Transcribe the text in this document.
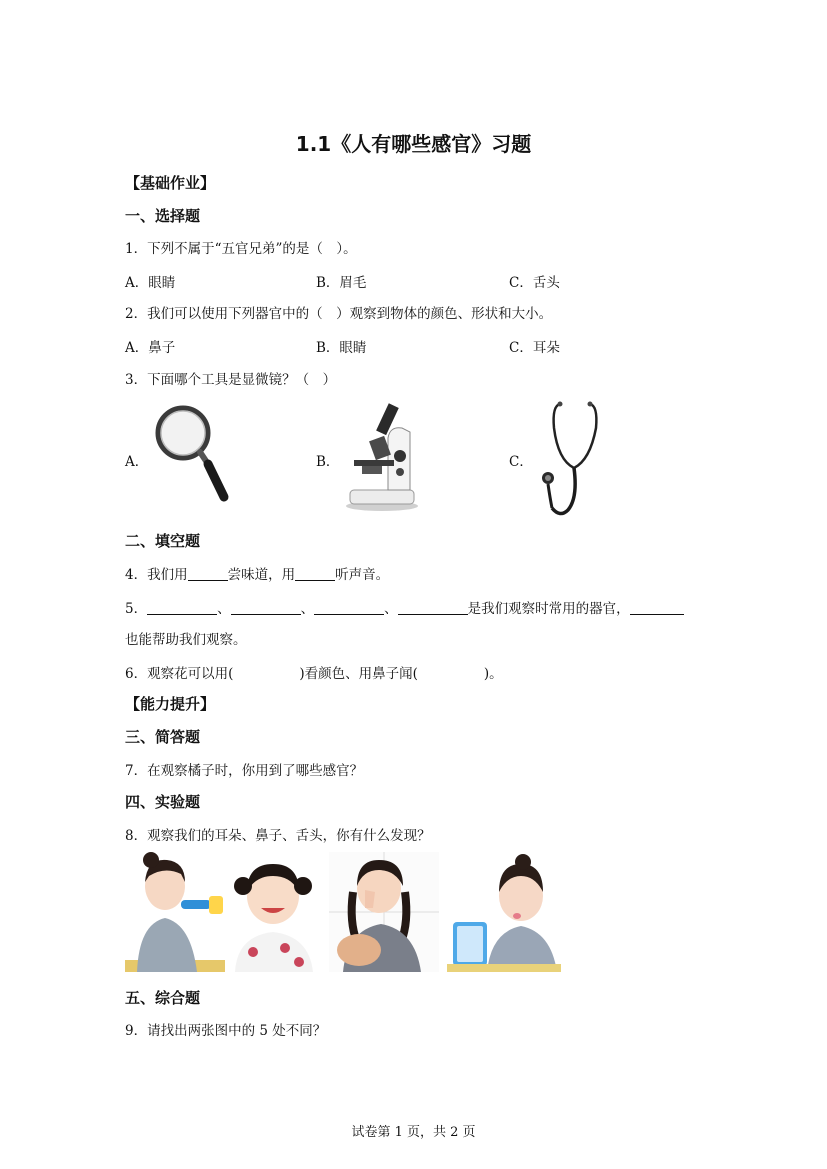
1.1《人有哪些感官》习题
【基础作业】
一、选择题
1．下列不属于“五官兄弟”的是（　）。
A．眼睛	B．眉毛	C．舌头
2．我们可以使用下列器官中的（　）观察到物体的颜色、形状和大小。
A．鼻子	B．眼睛	C．耳朵
3．下面哪个工具是显微镜？（　）
A．	B．	C．
二、填空题
4．我们用	尝味道，用	听声音。
5．	、	、	、	是我们观察时常用的器官，
也能帮助我们观察。
6．观察花可以用(	)看颜色、用鼻子闻(	)。
【能力提升】
三、简答题
7．在观察橘子时，你用到了哪些感官？
四、实验题
8．观察我们的耳朵、鼻子、舌头，你有什么发现？
五、综合题
9．请找出两张图中的 5 处不同？
试卷第 1 页，共 2 页
